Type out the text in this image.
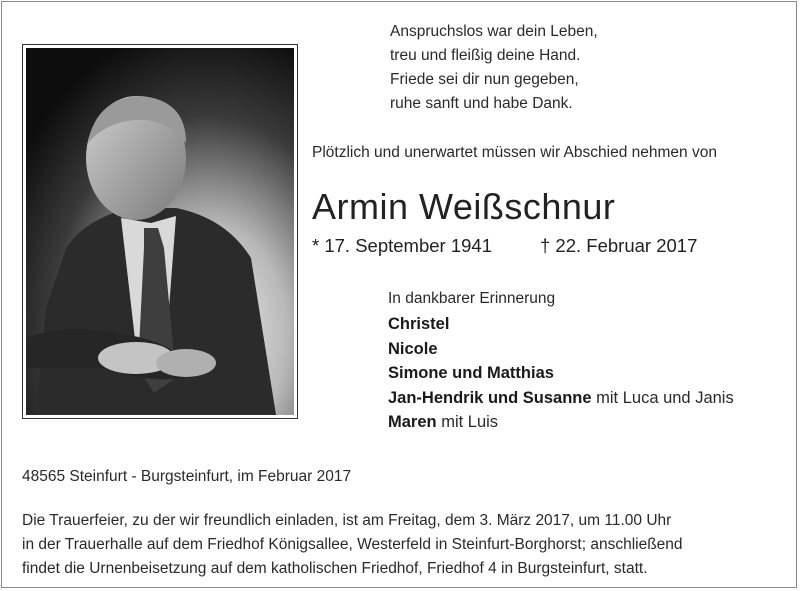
Anspruchslos war dein Leben,
treu und fleißig deine Hand.
Friede sei dir nun gegeben,
ruhe sanft und habe Dank.
Plötzlich und unerwartet müssen wir Abschied nehmen von
Armin Weißschnur
* 17. September 1941	† 22. Februar 2017
In dankbarer Erinnerung
Christel
Nicole
Simone und Matthias
Jan-Hendrik und Susanne mit Luca und Janis
Maren mit Luis
48565 Steinfurt - Burgsteinfurt, im Februar 2017
Die Trauerfeier, zu der wir freundlich einladen, ist am Freitag, dem 3. März 2017, um 11.00 Uhr
in der Trauerhalle auf dem Friedhof Königsallee, Westerfeld in Steinfurt-Borghorst; anschließend
findet die Urnenbeisetzung auf dem katholischen Friedhof, Friedhof 4 in Burgsteinfurt, statt.
